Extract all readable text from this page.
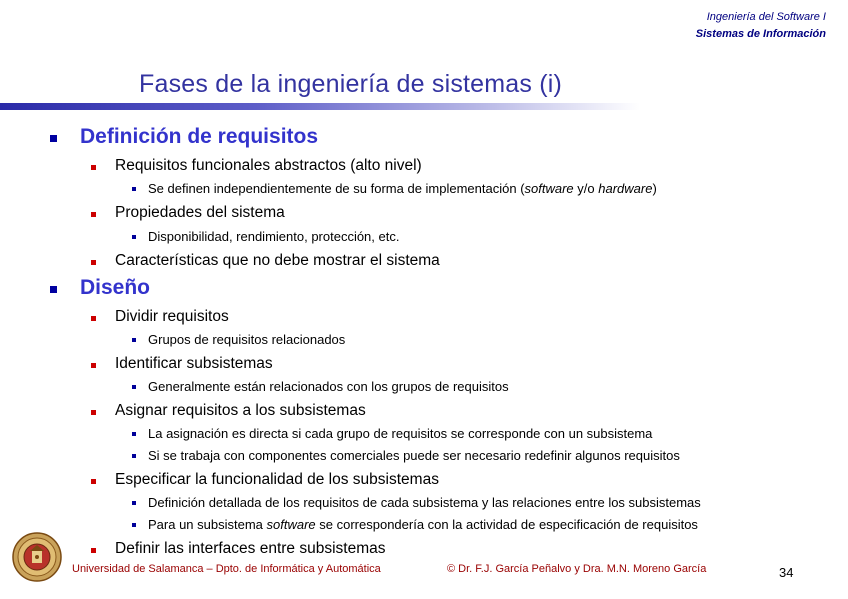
Ingeniería del Software I
Sistemas de Información
Fases de la ingeniería de sistemas (i)
Definición de requisitos
Requisitos funcionales abstractos (alto nivel)
Se definen independientemente de su forma de implementación (software y/o hardware)
Propiedades del sistema
Disponibilidad, rendimiento, protección, etc.
Características que no debe mostrar el sistema
Diseño
Dividir requisitos
Grupos de requisitos relacionados
Identificar subsistemas
Generalmente están relacionados con los grupos de requisitos
Asignar requisitos a los subsistemas
La asignación es directa si cada grupo de requisitos se corresponde con un subsistema
Si se trabaja con componentes comerciales puede ser necesario redefinir algunos requisitos
Especificar la funcionalidad de los subsistemas
Definición detallada de los requisitos de cada subsistema y las relaciones entre los subsistemas
Para un subsistema software se correspondería con la actividad de especificación de requisitos
Definir las interfaces entre subsistemas
Universidad de Salamanca – Dpto. de Informática y Automática	© Dr. F.J. García Peñalvo y Dra. M.N. Moreno García	34
